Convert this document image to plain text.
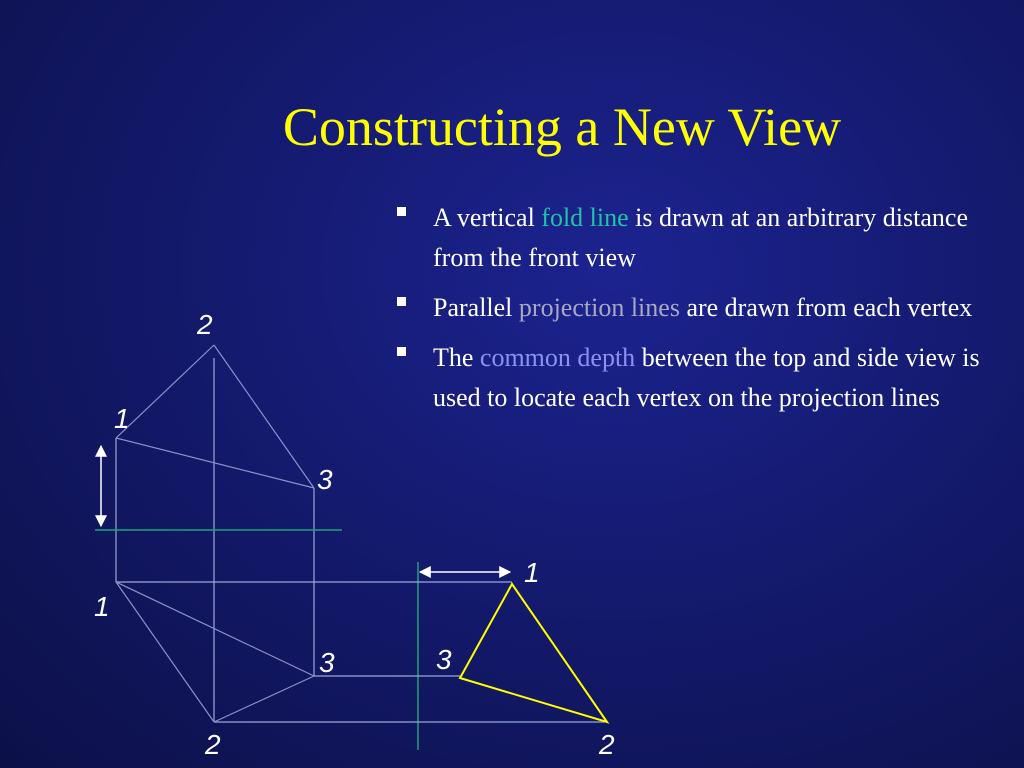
Constructing a New View
A vertical fold line is drawn at an arbitrary distance from the front view
Parallel projection lines are drawn from each vertex
The common depth between the top and side view is used to locate each vertex on the projection lines
2
1
3
1
3
2
1
3
2
